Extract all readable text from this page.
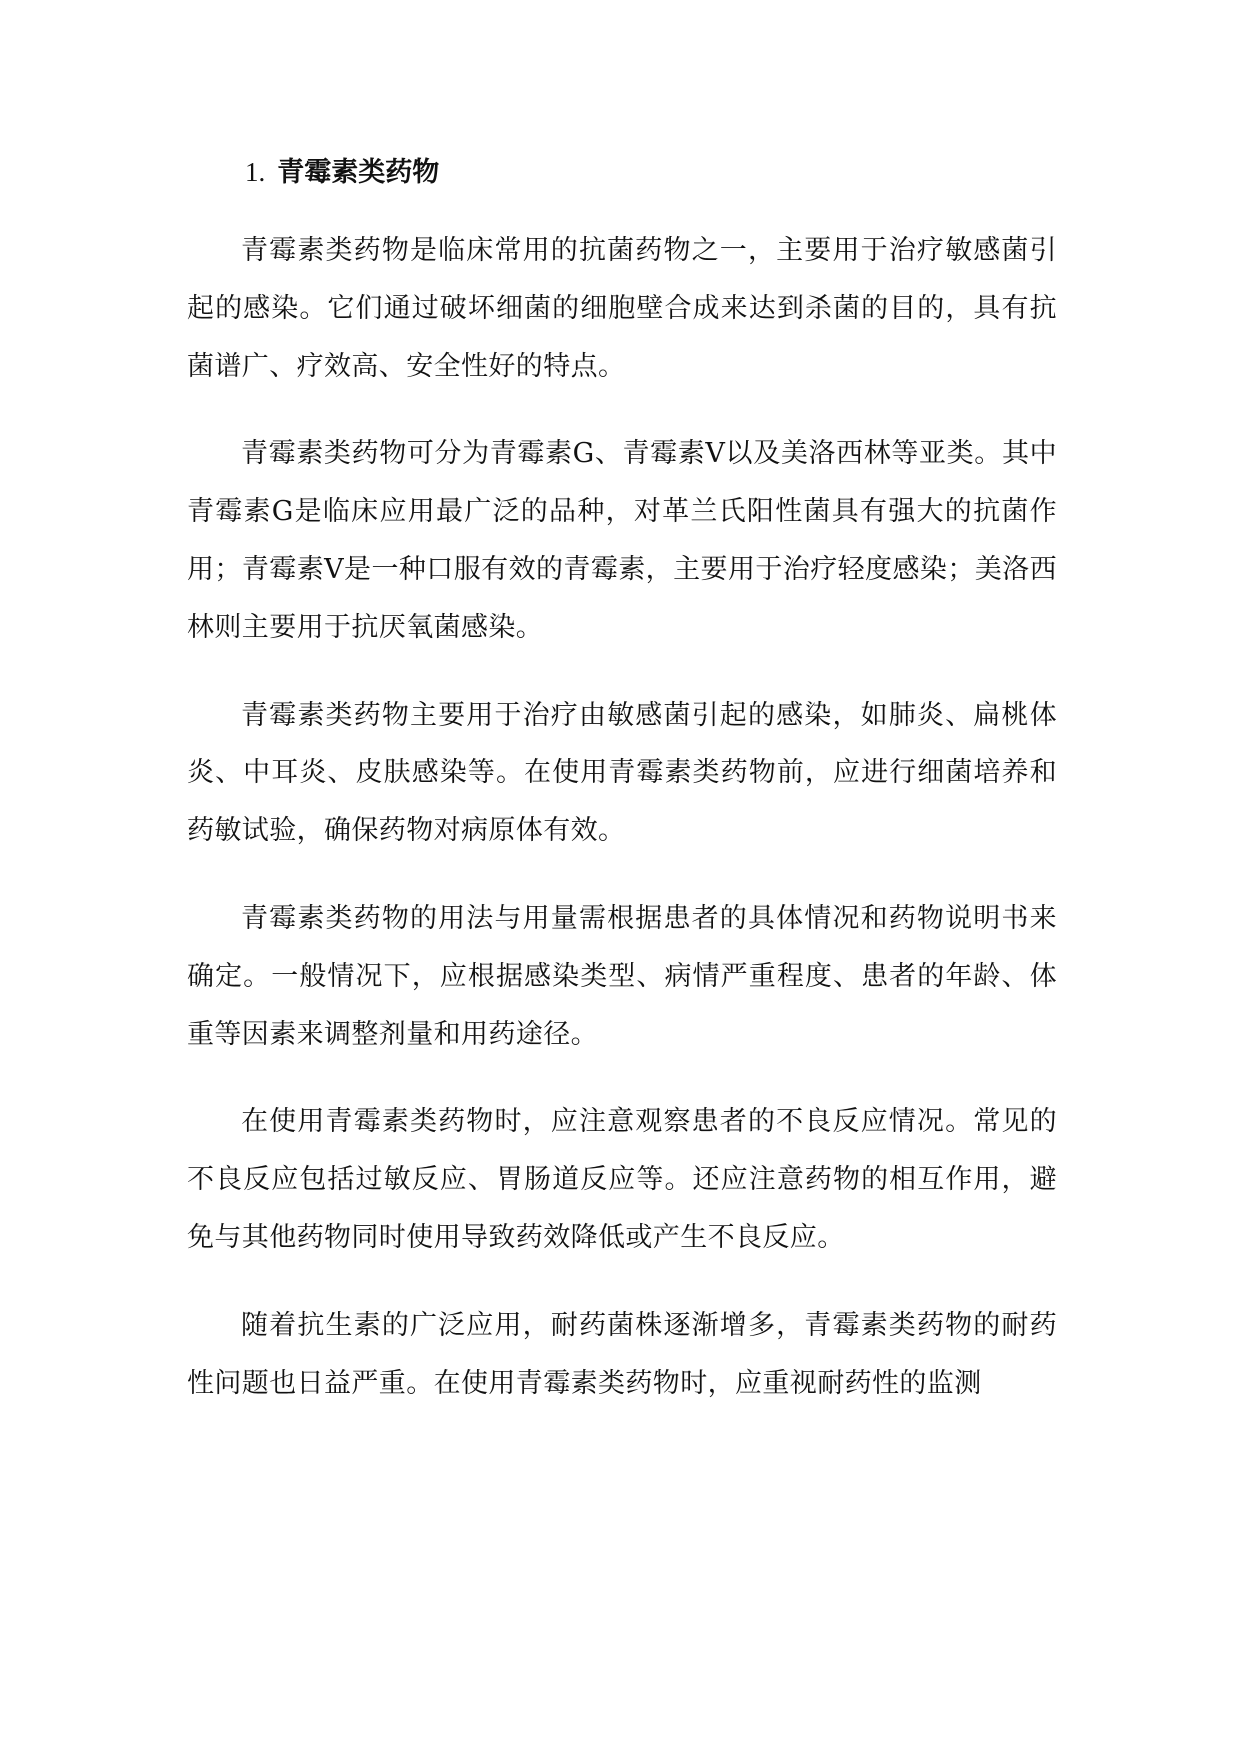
1. 青霉素类药物

青霉素类药物是临床常用的抗菌药物之一，主要用于治疗敏感菌引起的感染。它们通过破坏细菌的细胞壁合成来达到杀菌的目的，具有抗菌谱广、疗效高、安全性好的特点。

青霉素类药物可分为青霉素G、青霉素V以及美洛西林等亚类。其中青霉素G是临床应用最广泛的品种，对革兰氏阳性菌具有强大的抗菌作用；青霉素V是一种口服有效的青霉素，主要用于治疗轻度感染；美洛西林则主要用于抗厌氧菌感染。

青霉素类药物主要用于治疗由敏感菌引起的感染，如肺炎、扁桃体炎、中耳炎、皮肤感染等。在使用青霉素类药物前，应进行细菌培养和药敏试验，确保药物对病原体有效。

青霉素类药物的用法与用量需根据患者的具体情况和药物说明书来确定。一般情况下，应根据感染类型、病情严重程度、患者的年龄、体重等因素来调整剂量和用药途径。

在使用青霉素类药物时，应注意观察患者的不良反应情况。常见的不良反应包括过敏反应、胃肠道反应等。还应注意药物的相互作用，避免与其他药物同时使用导致药效降低或产生不良反应。

随着抗生素的广泛应用，耐药菌株逐渐增多，青霉素类药物的耐药性问题也日益严重。在使用青霉素类药物时，应重视耐药性的监测
